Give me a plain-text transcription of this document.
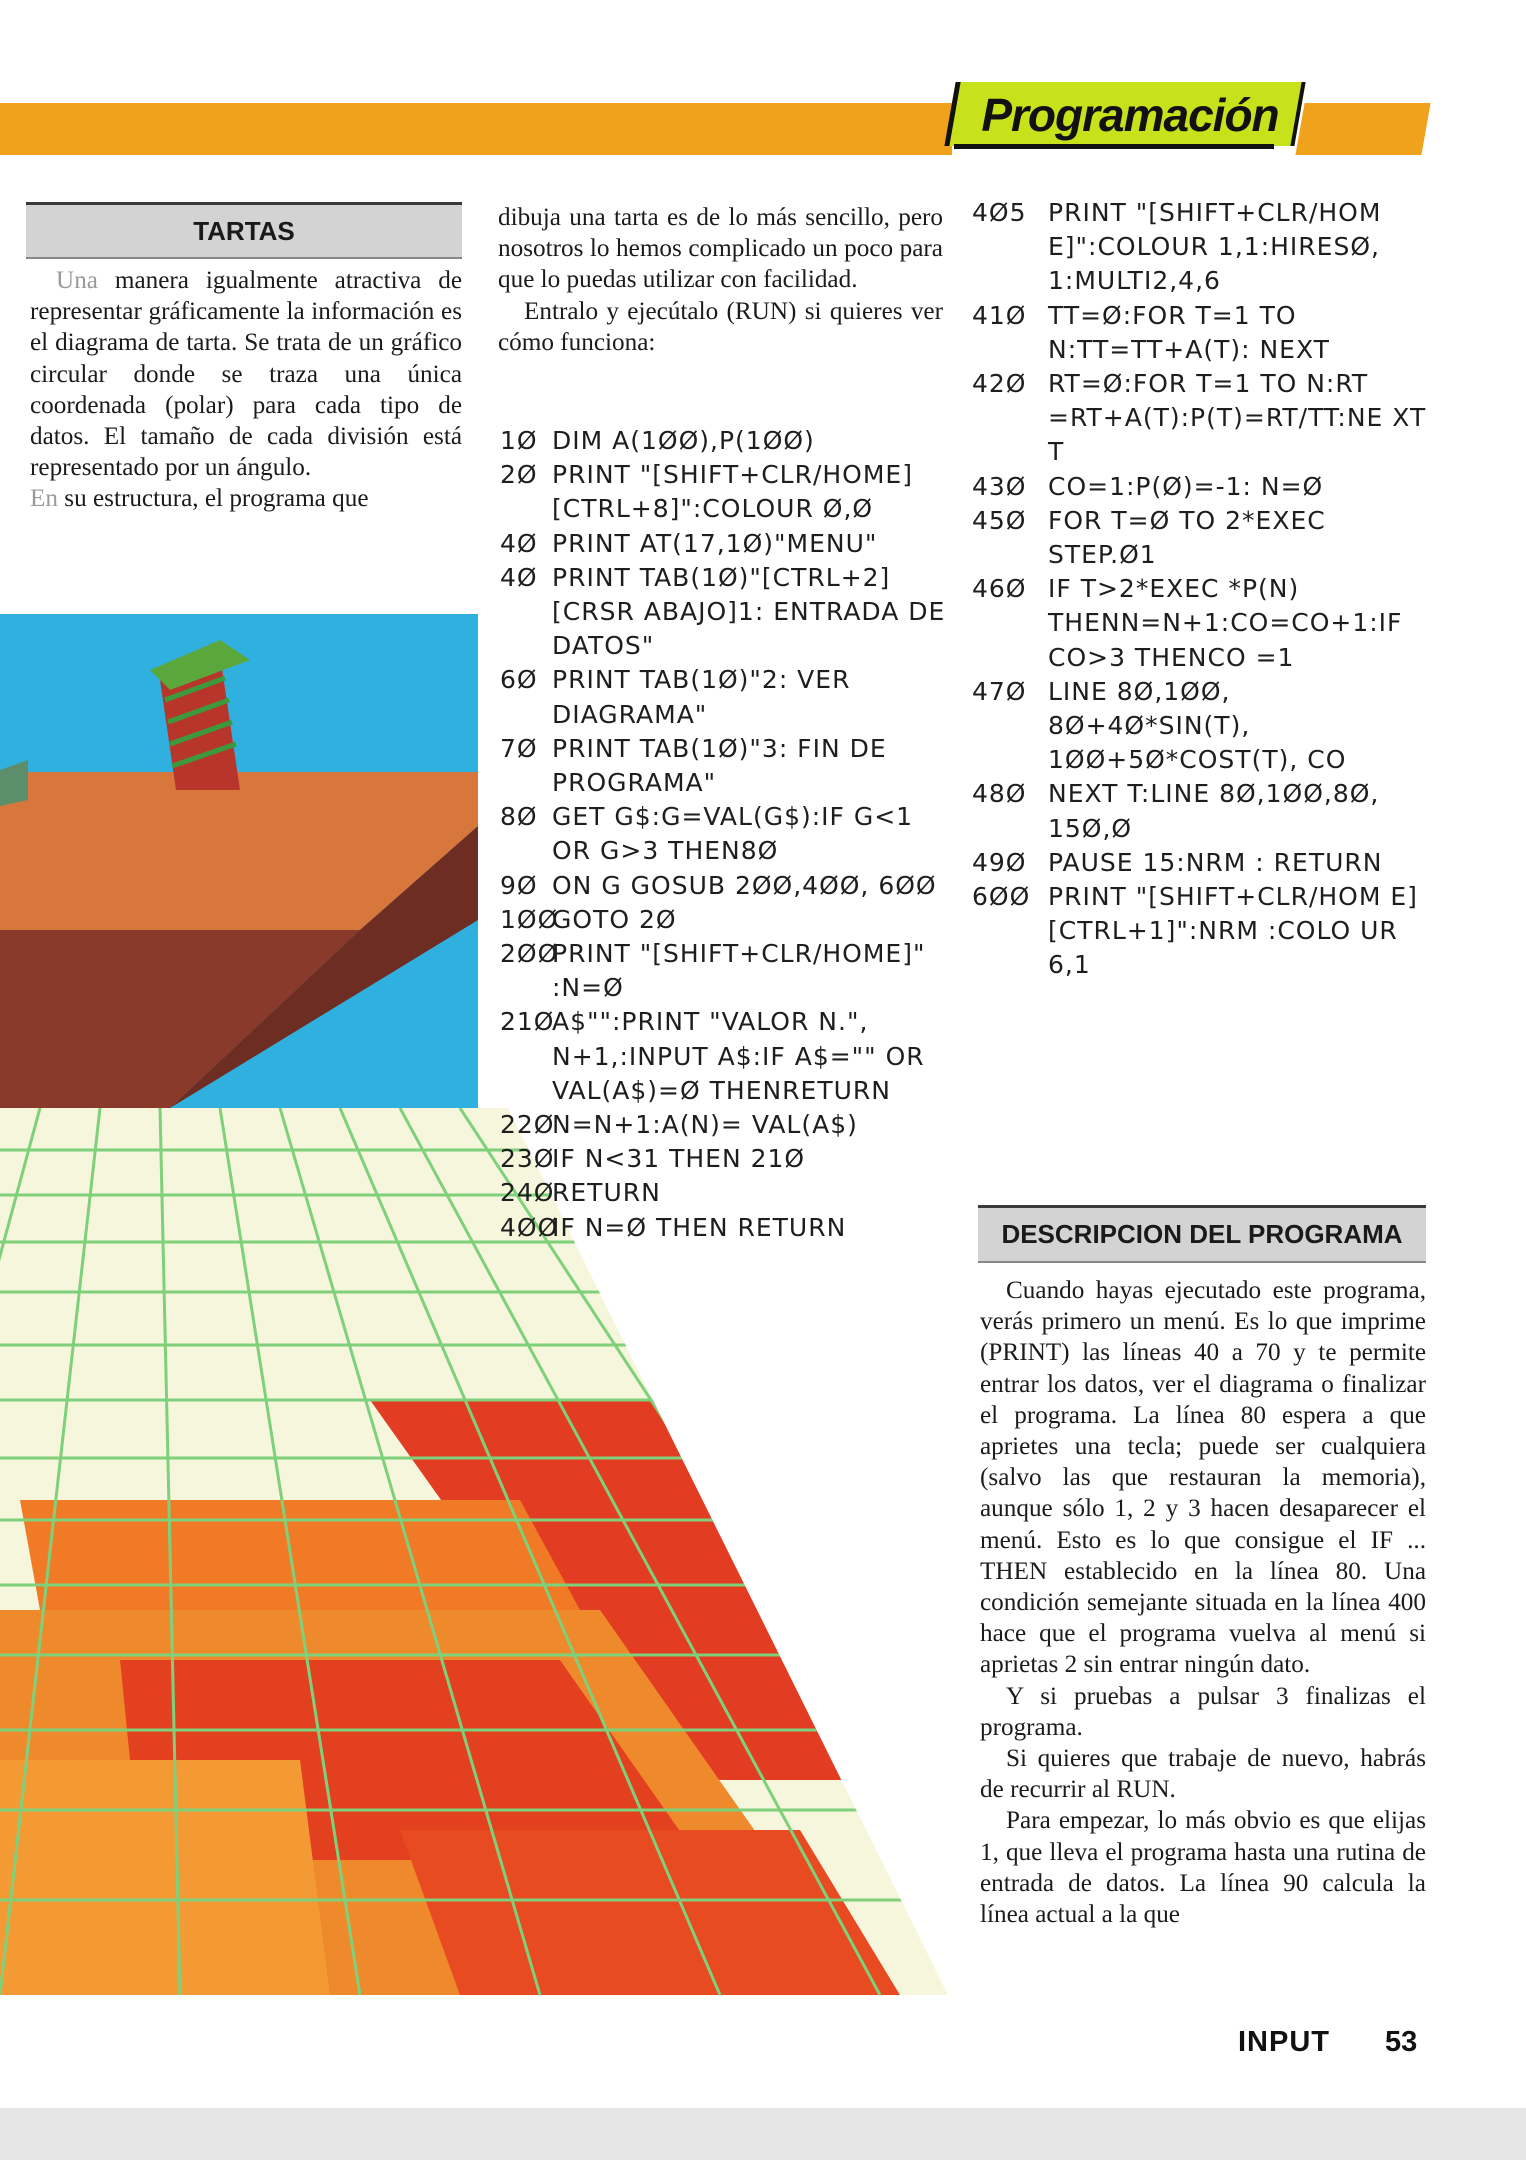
Programación
TARTAS

Una manera igualmente atractiva de representar gráficamente la información es el diagrama de tarta. Se trata de un gráfico circular donde se traza una única coordenada (polar) para cada tipo de datos. El tamaño de cada división está representado por un ángulo.

En su estructura, el programa que

dibuja una tarta es de lo más sencillo, pero nosotros lo hemos complicado un poco para que lo puedas utilizar con facilidad.

Entralo y ejecútalo (RUN) si quieres ver cómo funciona:

1Ø DIM A(1ØØ),P(1ØØ)
2Ø PRINT "[SHIFT+CLR/HOME][CTRL+8]":COLOUR Ø,Ø
4Ø PRINT AT(17,1Ø)"MENU"
4Ø PRINT TAB(1Ø)"[CTRL+2][CRSR ABAJO]1: ENTRADA DE DATOS"
6Ø PRINT TAB(1Ø)"2: VER DIAGRAMA"
7Ø PRINT TAB(1Ø)"3: FIN DE PROGRAMA"
8Ø GET G$:G=VAL(G$):IF G<1 OR G>3 THEN8Ø
9Ø ON G GOSUB 2ØØ,4ØØ, 6ØØ
1ØØ
GOTO 2Ø
2ØØ
PRINT "[SHIFT+CLR/HOME]" :N=Ø
21Ø
A$"":PRINT "VALOR N.", N+1,:INPUT A$:IF A$="" OR VAL(A$)=Ø THENRETURN
22Ø
N=N+1:A(N)= VAL(A$)
23Ø
IF N<31 THEN 21Ø
24Ø
RETURN
4ØØ
IF N=Ø THEN RETURN
4Ø5 PRINT "[SHIFT+CLR/HOM E]":COLOUR 1,1:HIRESØ, 1:MULTI2,4,6
41Ø TT=Ø:FOR T=1 TO N:TT=TT+A(T): NEXT
42Ø RT=Ø:FOR T=1 TO N:RT =RT+A(T):P(T)=RT/TT:NE XT T
43Ø CO=1:P(Ø)=-1: N=Ø
45Ø FOR T=Ø TO 2*EXEC STEP.Ø1
46Ø IF T>2*EXEC *P(N) THENN=N+1:CO=CO+1:IF CO>3 THENCO =1
47Ø LINE 8Ø,1ØØ, 8Ø+4Ø*SIN(T), 1ØØ+5Ø*COST(T), CO
48Ø NEXT T:LINE 8Ø,1ØØ,8Ø, 15Ø,Ø
49Ø PAUSE 15:NRM : RETURN
6ØØ PRINT "[SHIFT+CLR/HOM E][CTRL+1]":NRM :COLO UR 6,1
DESCRIPCION DEL PROGRAMA

Cuando hayas ejecutado este programa, verás primero un menú. Es lo que imprime (PRINT) las líneas 40 a 70 y te permite entrar los datos, ver el diagrama o finalizar el programa. La línea 80 espera a que aprietes una tecla; puede ser cualquiera (salvo las que restauran la memoria), aunque sólo 1, 2 y 3 hacen desaparecer el menú. Esto es lo que consigue el IF ... THEN establecido en la línea 80. Una condición semejante situada en la línea 400 hace que el programa vuelva al menú si aprietas 2 sin entrar ningún dato.

Y si pruebas a pulsar 3 finalizas el programa.

Si quieres que trabaje de nuevo, habrás de recurrir al RUN.

Para empezar, lo más obvio es que elijas 1, que lleva el programa hasta una rutina de entrada de datos. La línea 90 calcula la línea actual a la que

INPUT 53
